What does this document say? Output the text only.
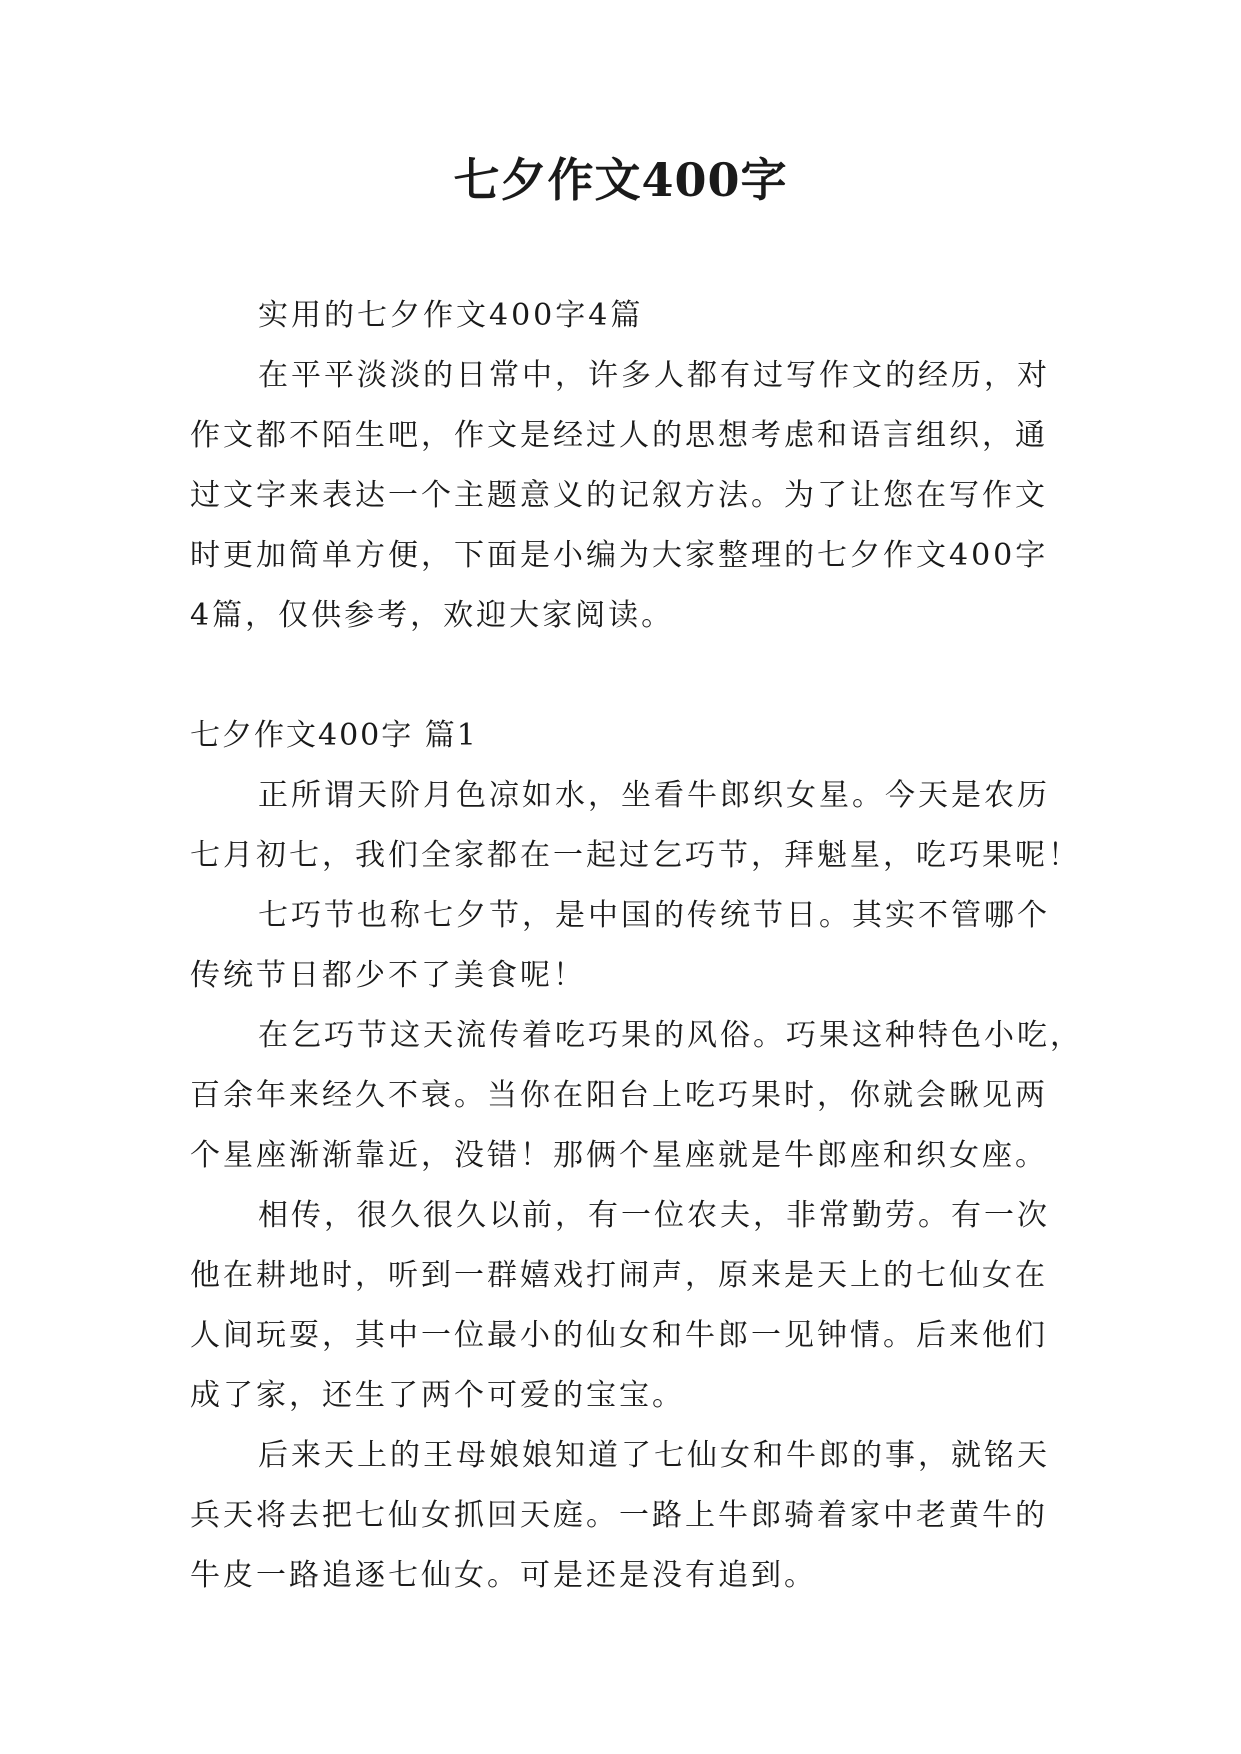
七夕作文400字
实用的七夕作文400字4篇
在平平淡淡的日常中，许多人都有过写作文的经历，对
作文都不陌生吧，作文是经过人的思想考虑和语言组织，通
过文字来表达一个主题意义的记叙方法。为了让您在写作文
时更加简单方便，下面是小编为大家整理的七夕作文400字
4篇，仅供参考，欢迎大家阅读。
七夕作文400字 篇1
正所谓天阶月色凉如水，坐看牛郎织女星。今天是农历
七月初七，我们全家都在一起过乞巧节，拜魁星，吃巧果呢！
七巧节也称七夕节，是中国的传统节日。其实不管哪个
传统节日都少不了美食呢！
在乞巧节这天流传着吃巧果的风俗。巧果这种特色小吃，
百余年来经久不衰。当你在阳台上吃巧果时，你就会瞅见两
个星座渐渐靠近，没错！那俩个星座就是牛郎座和织女座。
相传，很久很久以前，有一位农夫，非常勤劳。有一次
他在耕地时，听到一群嬉戏打闹声，原来是天上的七仙女在
人间玩耍，其中一位最小的仙女和牛郎一见钟情。后来他们
成了家，还生了两个可爱的宝宝。
后来天上的王母娘娘知道了七仙女和牛郎的事，就铭天
兵天将去把七仙女抓回天庭。一路上牛郎骑着家中老黄牛的
牛皮一路追逐七仙女。可是还是没有追到。
